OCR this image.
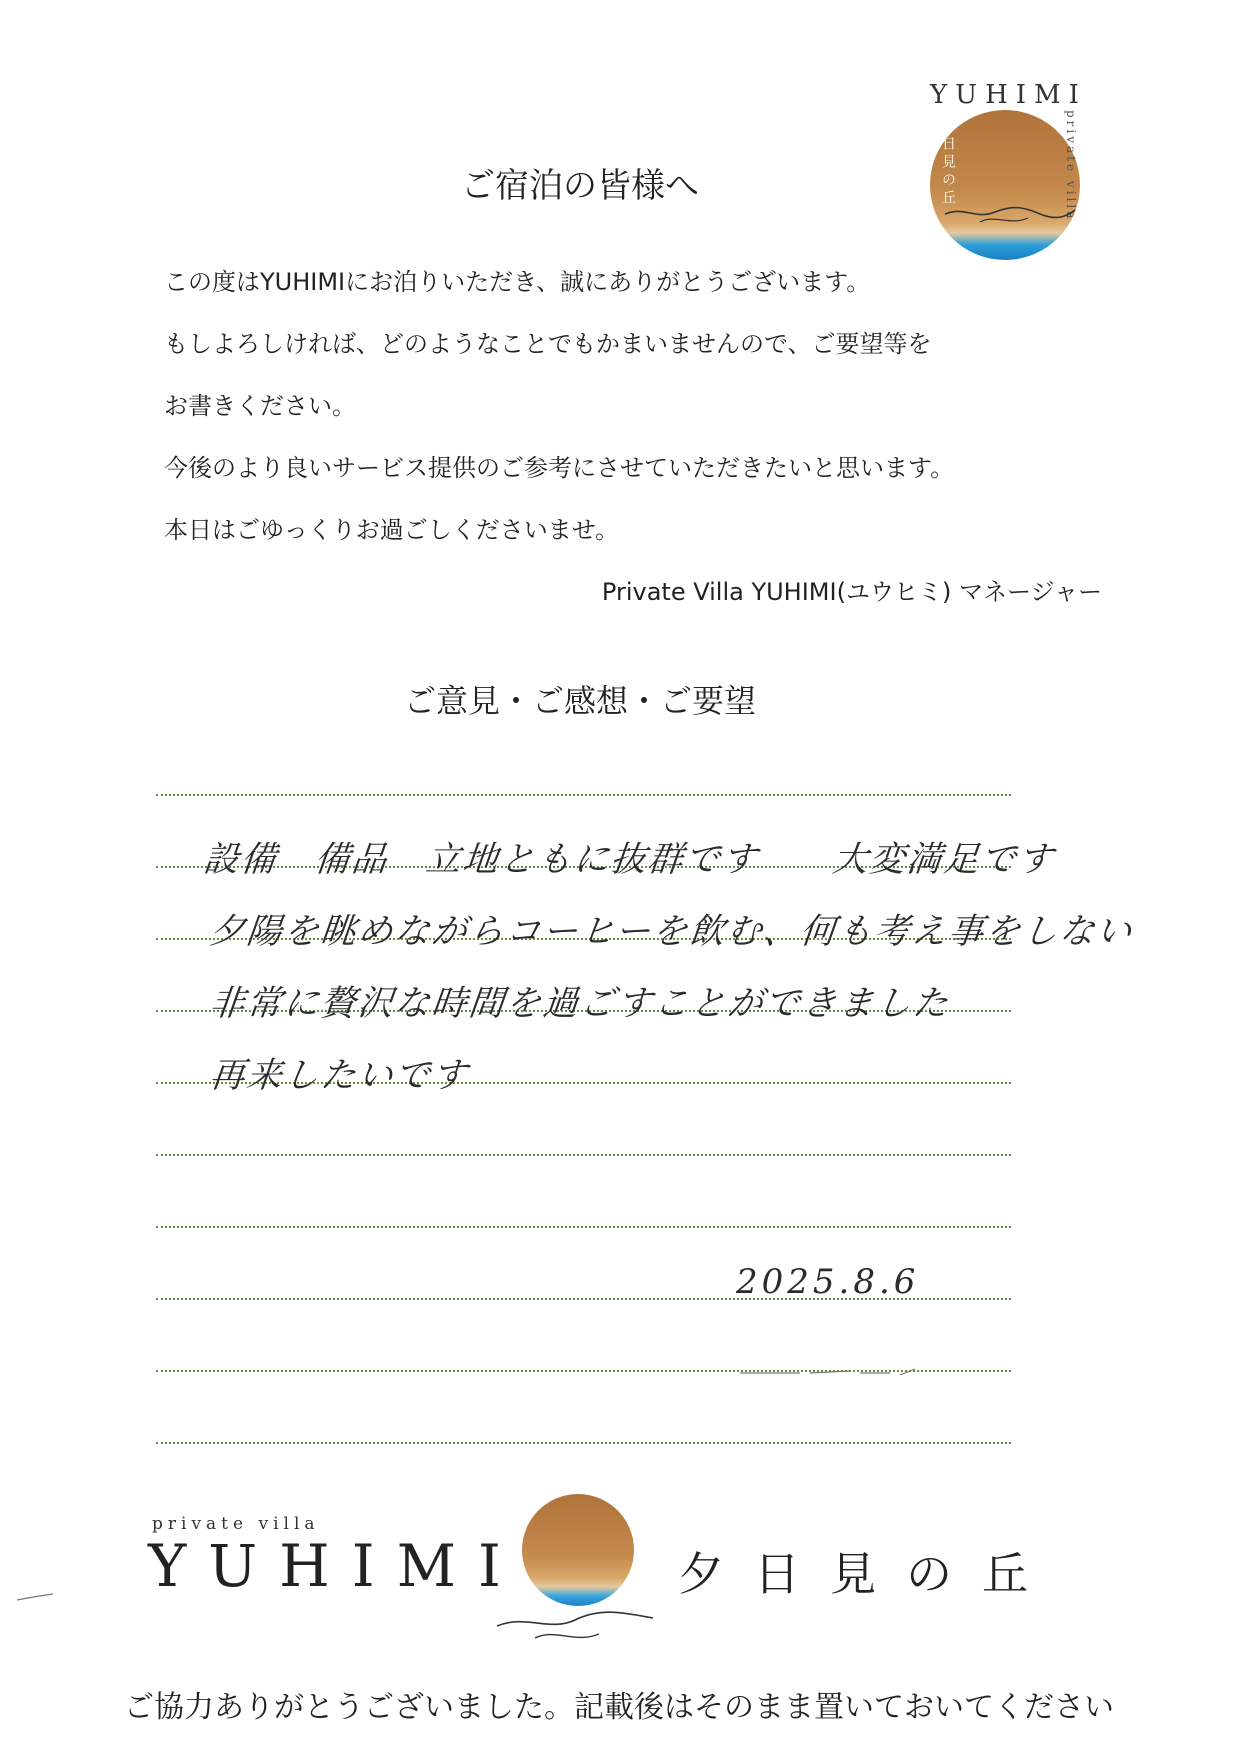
YUHIMI
夕日見の丘	private villa
ご宿泊の皆様へ
この度はYUHIMIにお泊りいただき、誠にありがとうございます。
もしよろしければ、どのようなことでもかまいませんので、ご要望等を
お書きください。
今後のより良いサービス提供のご参考にさせていただきたいと思います。
本日はごゆっくりお過ごしくださいませ。
Private Villa YUHIMI(ユウヒミ) マネージャー
ご意見・ご感想・ご要望
設備　備品　立地ともに抜群です　　大変満足です
夕陽を眺めながらコーヒーを飲む、何も考え事をしない
非常に贅沢な時間を過ごすことができました
再来したいです
2025.8.6
private villa
YUHIMI	夕日見の丘
ご協力ありがとうございました。記載後はそのまま置いておいてください
